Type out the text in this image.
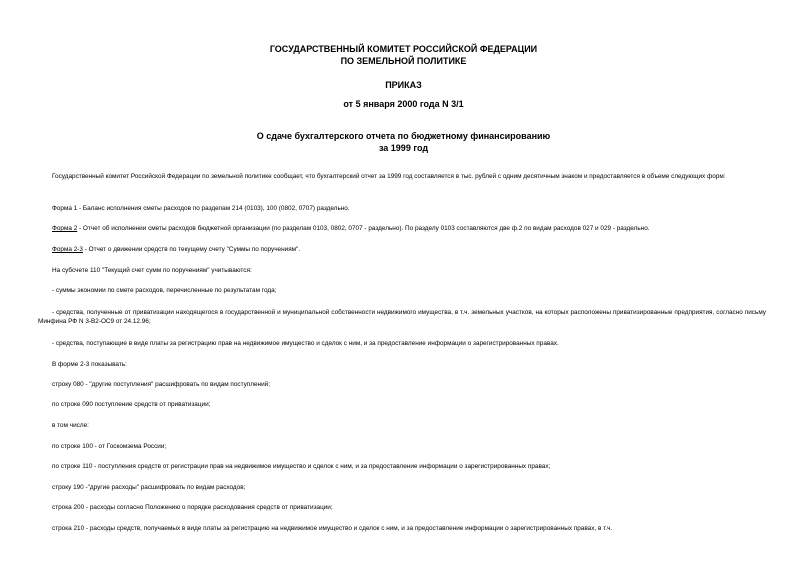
ГОСУДАРСТВЕННЫЙ КОМИТЕТ РОССИЙСКОЙ ФЕДЕРАЦИИ

ПО ЗЕМЕЛЬНОЙ ПОЛИТИКЕ

ПРИКАЗ

от 5 января 2000 года N 3/1

О сдаче бухгалтерского отчета по бюджетному финансированию

за 1999 год

Государственный комитет Российской Федерации по земельной политике сообщает, что бухгалтерский отчет за 1999 год составляется в тыс. рублей с одним десятичным знаком и предоставляется в объеме следующих форм:

Форма 1 - Баланс исполнения сметы расходов по разделам 214 (0103), 100 (0802, 0707) раздельно.

Форма 2 - Отчет об исполнении сметы расходов бюджетной организации (по разделам 0103, 0802, 0707 - раздельно). По разделу 0103 составляются две ф.2 по видам расходов 027 и 029 - раздельно.

Форма 2-3 - Отчет о движении средств по текущему счету "Суммы по поручениям".

На субсчете 110 "Текущий счет сумм по поручениям" учитываются:

- суммы экономии по смете расходов, перечисленные по результатам года;

- средства, полученные от приватизации находящегося в государственной и муниципальной собственности недвижимого имущества, в т.ч. земельных участков, на которых расположены приватизированные предприятия, согласно письму Минфина РФ N 3-В2-ОС9 от 24.12.96;

- средства, поступающие в виде платы за регистрацию прав на недвижимое имущество и сделок с ним, и за предоставление информации о зарегистрированных правах.

В форме 2-3 показывать:

строку 080 - "другие поступления" расшифровать по видам поступлений;

по строке 090 поступление средств от приватизации;

в том числе:

по строке 100 - от Госкомзема России;

по строке 110 - поступления средств от регистрации прав на недвижимое имущество и сделок с ним, и за предоставление информации о зарегистрированных правах;

строку 190 -"другие расходы" расшифровать по видам расходов;

строка 200 - расходы согласно Положению о порядке расходования средств от приватизации;

строка 210 - расходы средств, получаемых в виде платы за регистрацию на недвижимое имущество и сделок с ним, и за предоставление информации о зарегистрированных правах, в т.ч.
